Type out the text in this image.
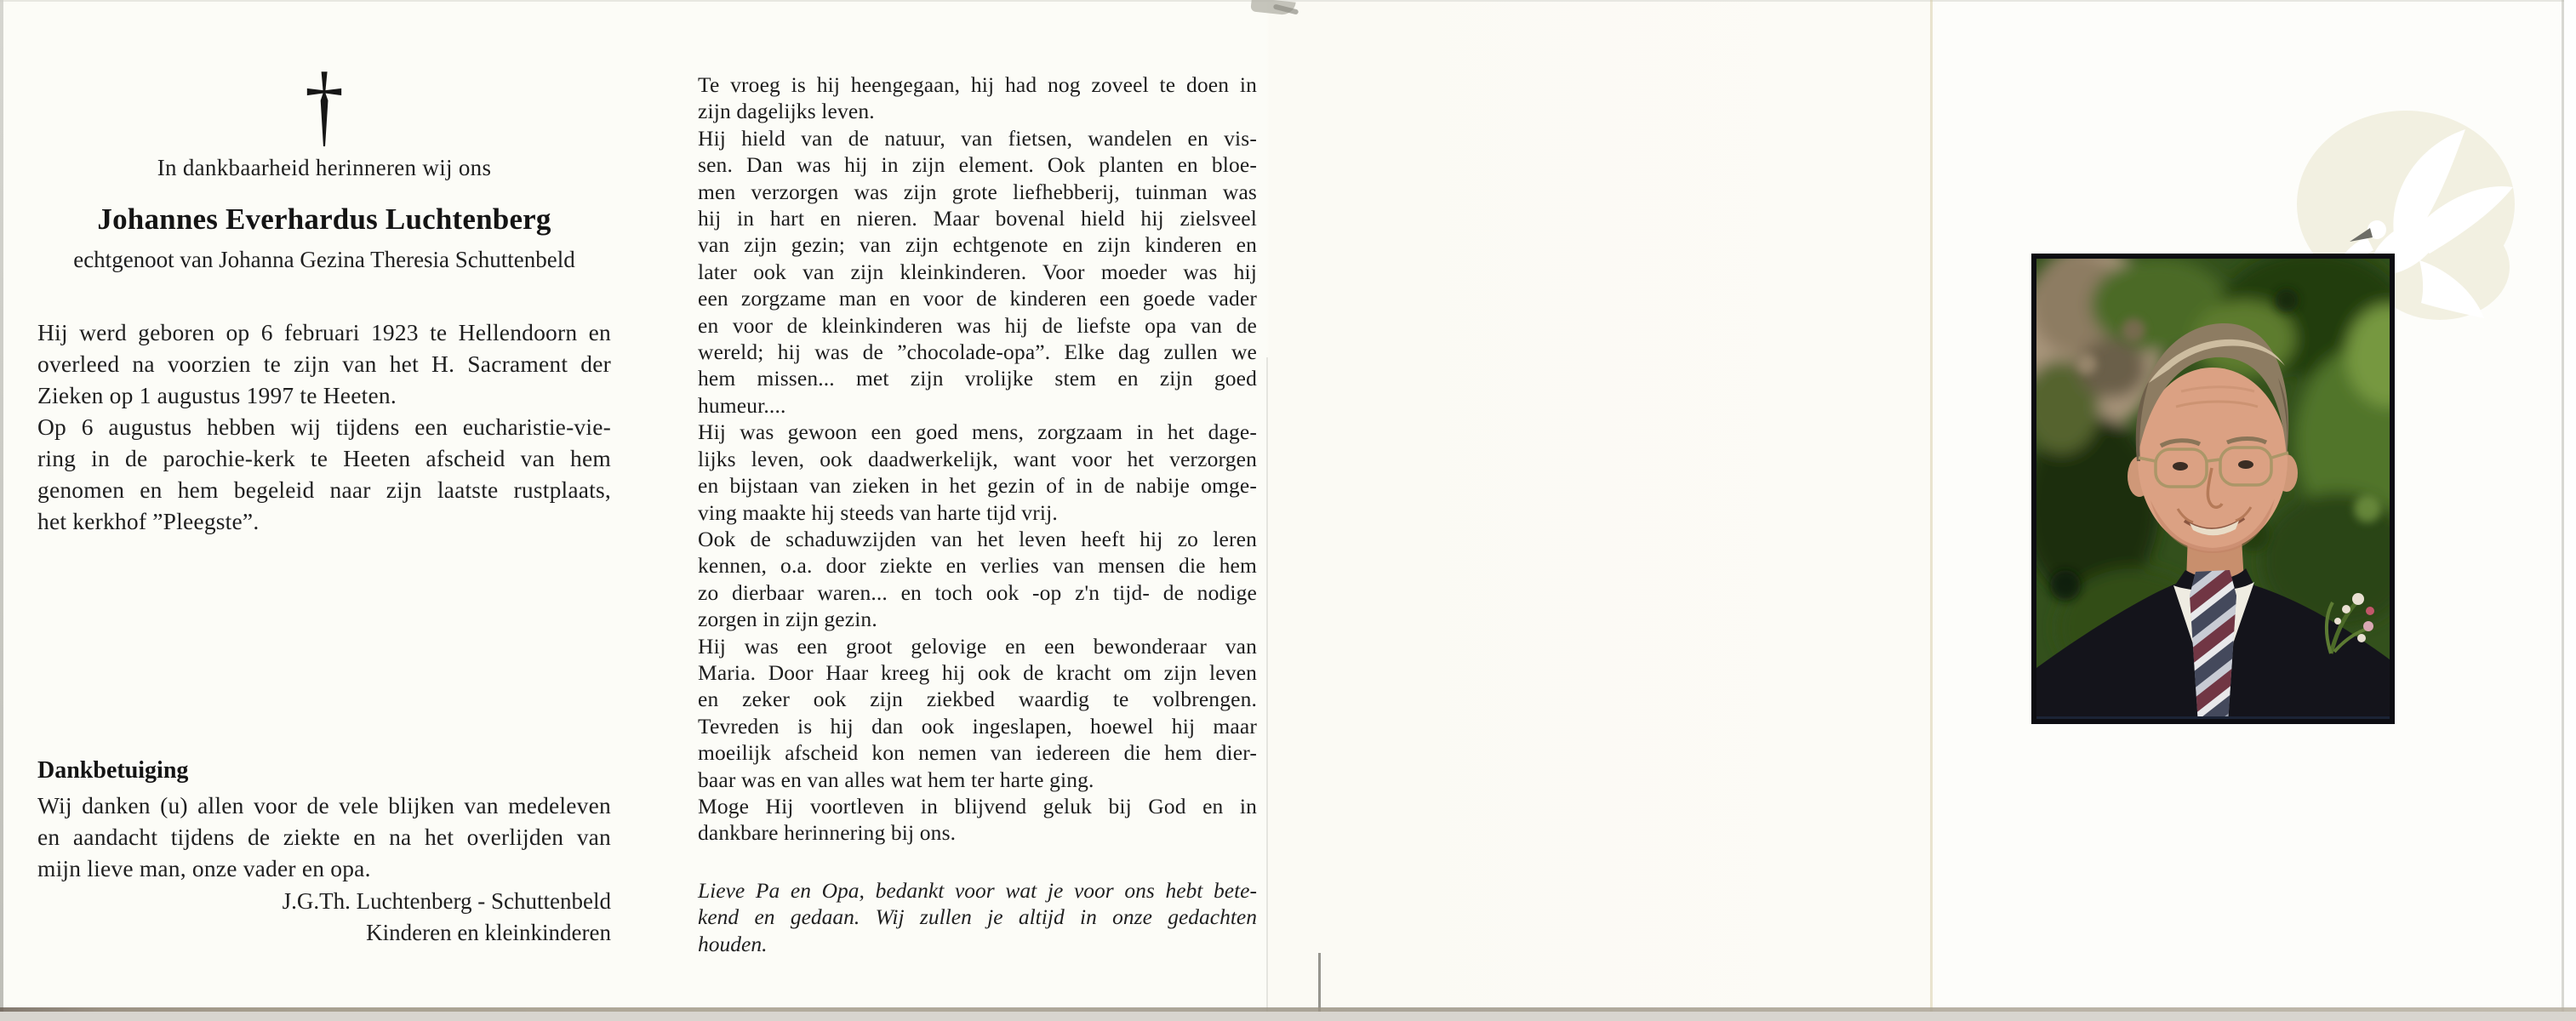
†
In dankbaarheid herinneren wij ons
Johannes Everhardus Luchtenberg
echtgenoot van Johanna Gezina Theresia Schuttenbeld
Hij werd geboren op 6 februari 1923 te Hellendoorn en
overleed na voorzien te zijn van het H. Sacrament der
Zieken op 1 augustus 1997 te Heeten.
Op 6 augustus hebben wij tijdens een eucharistie-vie-
ring in de parochie-kerk te Heeten afscheid van hem
genomen en hem begeleid naar zijn laatste rustplaats,
het kerkhof ”Pleegste”.
Dankbetuiging
Wij danken (u) allen voor de vele blijken van medeleven
en aandacht tijdens de ziekte en na het overlijden van
mijn lieve man, onze vader en opa.
J.G.Th. Luchtenberg - Schuttenbeld
Kinderen en kleinkinderen
Te vroeg is hij heengegaan, hij had nog zoveel te doen in
zijn dagelijks leven.
Hij hield van de natuur, van fietsen, wandelen en vis-
sen. Dan was hij in zijn element. Ook planten en bloe-
men verzorgen was zijn grote liefhebberij, tuinman was
hij in hart en nieren. Maar bovenal hield hij zielsveel
van zijn gezin; van zijn echtgenote en zijn kinderen en
later ook van zijn kleinkinderen. Voor moeder was hij
een zorgzame man en voor de kinderen een goede vader
en voor de kleinkinderen was hij de liefste opa van de
wereld; hij was de ”chocolade-opa”. Elke dag zullen we
hem missen... met zijn vrolijke stem en zijn goed
humeur....
Hij was gewoon een goed mens, zorgzaam in het dage-
lijks leven, ook daadwerkelijk, want voor het verzorgen
en bijstaan van zieken in het gezin of in de nabije omge-
ving maakte hij steeds van harte tijd vrij.
Ook de schaduwzijden van het leven heeft hij zo leren
kennen, o.a. door ziekte en verlies van mensen die hem
zo dierbaar waren... en toch ook -op z'n tijd- de nodige
zorgen in zijn gezin.
Hij was een groot gelovige en een bewonderaar van
Maria. Door Haar kreeg hij ook de kracht om zijn leven
en zeker ook zijn ziekbed waardig te volbrengen.
Tevreden is hij dan ook ingeslapen, hoewel hij maar
moeilijk afscheid kon nemen van iedereen die hem dier-
baar was en van alles wat hem ter harte ging.
Moge Hij voortleven in blijvend geluk bij God en in
dankbare herinnering bij ons.
Lieve Pa en Opa, bedankt voor wat je voor ons hebt bete-
kend en gedaan. Wij zullen je altijd in onze gedachten
houden.
